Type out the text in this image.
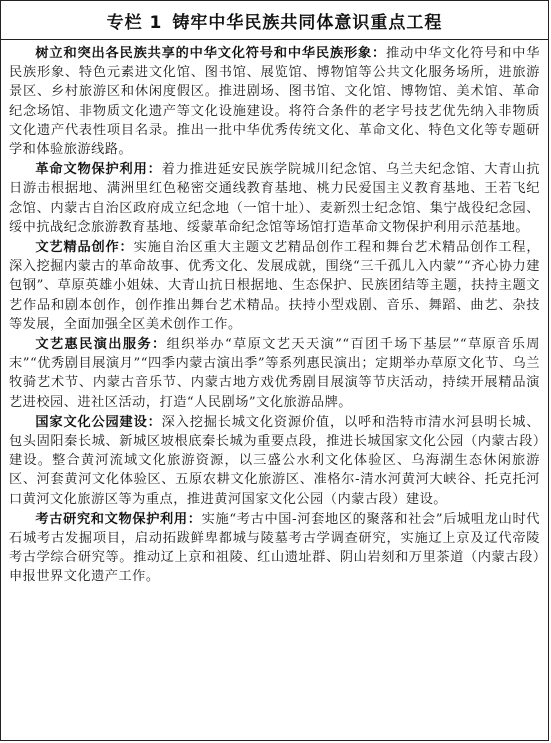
专栏 1 铸牢中华民族共同体意识重点工程

树立和突出各民族共享的中华文化符号和中华民族形象：推动中华文化符号和中华民族形象、特色元素进文化馆、图书馆、展览馆、博物馆等公共文化服务场所，进旅游景区、乡村旅游区和休闲度假区。推进剧场、图书馆、文化馆、博物馆、美术馆、革命纪念场馆、非物质文化遗产等文化设施建设。将符合条件的老字号技艺优先纳入非物质文化遗产代表性项目名录。推出一批中华优秀传统文化、革命文化、特色文化等专题研学和体验旅游线路。

革命文物保护利用：着力推进延安民族学院城川纪念馆、乌兰夫纪念馆、大青山抗日游击根据地、满洲里红色秘密交通线教育基地、桃力民爱国主义教育基地、王若飞纪念馆、内蒙古自治区政府成立纪念地（一馆十址）、麦新烈士纪念馆、集宁战役纪念园、绥中抗战纪念旅游教育基地、绥蒙革命纪念馆等场馆打造革命文物保护利用示范基地。

文艺精品创作：实施自治区重大主题文艺精品创作工程和舞台艺术精品创作工程，深入挖掘内蒙古的革命故事、优秀文化、发展成就，围绕“三千孤儿入内蒙”“齐心协力建包钢”、草原英雄小姐妹、大青山抗日根据地、生态保护、民族团结等主题，扶持主题文艺作品和剧本创作，创作推出舞台艺术精品。扶持小型戏剧、音乐、舞蹈、曲艺、杂技等发展，全面加强全区美术创作工作。

文艺惠民演出服务：组织举办“草原文艺天天演”“百团千场下基层”“草原音乐周末”“优秀剧目展演月”“四季内蒙古演出季”等系列惠民演出；定期举办草原文化节、乌兰牧骑艺术节、内蒙古音乐节、内蒙古地方戏优秀剧目展演等节庆活动，持续开展精品演艺进校园、进社区活动，打造“人民剧场”文化旅游品牌。

国家文化公园建设：深入挖掘长城文化资源价值，以呼和浩特市清水河县明长城、包头固阳秦长城、新城区坡根底秦长城为重要点段，推进长城国家文化公园（内蒙古段）建设。整合黄河流域文化旅游资源，以三盛公水利文化体验区、乌海湖生态休闲旅游区、河套黄河文化体验区、五原农耕文化旅游区、准格尔-清水河黄河大峡谷、托克托河口黄河文化旅游区等为重点，推进黄河国家文化公园（内蒙古段）建设。

考古研究和文物保护利用：实施“考古中国-河套地区的聚落和社会”后城咀龙山时代石城考古发掘项目，启动拓跋鲜卑都城与陵墓考古学调查研究，实施辽上京及辽代帝陵考古学综合研究等。推动辽上京和祖陵、红山遗址群、阴山岩刻和万里茶道（内蒙古段）申报世界文化遗产工作。
